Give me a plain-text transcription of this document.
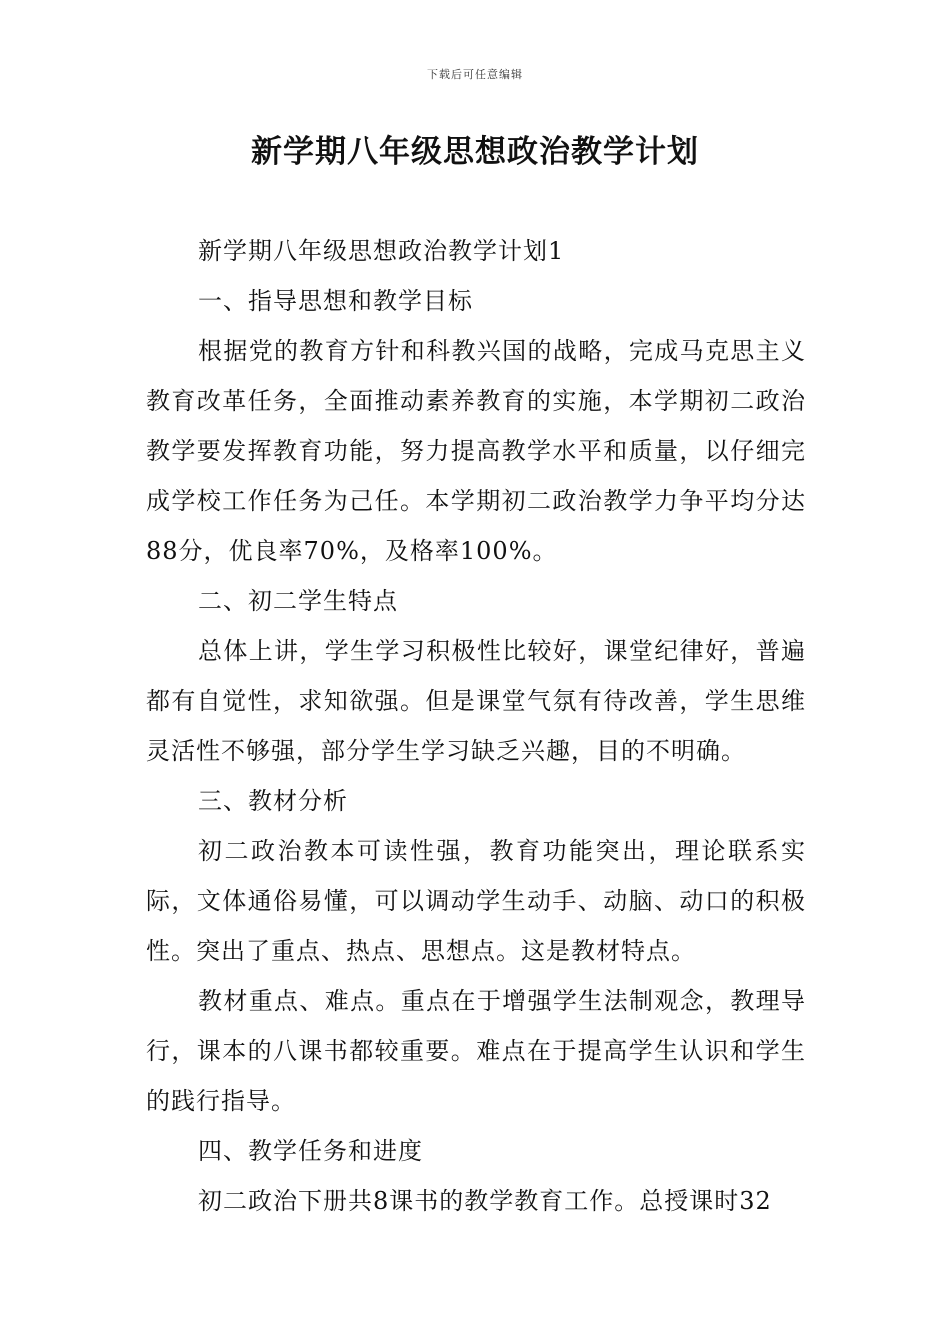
下载后可任意编辑
新学期八年级思想政治教学计划

新学期八年级思想政治教学计划1

一、指导思想和教学目标

根据党的教育方针和科教兴国的战略，完成马克思主义教育改革任务，全面推动素养教育的实施，本学期初二政治教学要发挥教育功能，努力提高教学水平和质量，以仔细完成学校工作任务为己任。本学期初二政治教学力争平均分达88分，优良率70%，及格率100%。

二、初二学生特点

总体上讲，学生学习积极性比较好，课堂纪律好，普遍都有自觉性，求知欲强。但是课堂气氛有待改善，学生思维灵活性不够强，部分学生学习缺乏兴趣，目的不明确。

三、教材分析

初二政治教本可读性强，教育功能突出，理论联系实际，文体通俗易懂，可以调动学生动手、动脑、动口的积极性。突出了重点、热点、思想点。这是教材特点。

教材重点、难点。重点在于增强学生法制观念，教理导行，课本的八课书都较重要。难点在于提高学生认识和学生的践行指导。

四、教学任务和进度

初二政治下册共8课书的教学教育工作。总授课时32
